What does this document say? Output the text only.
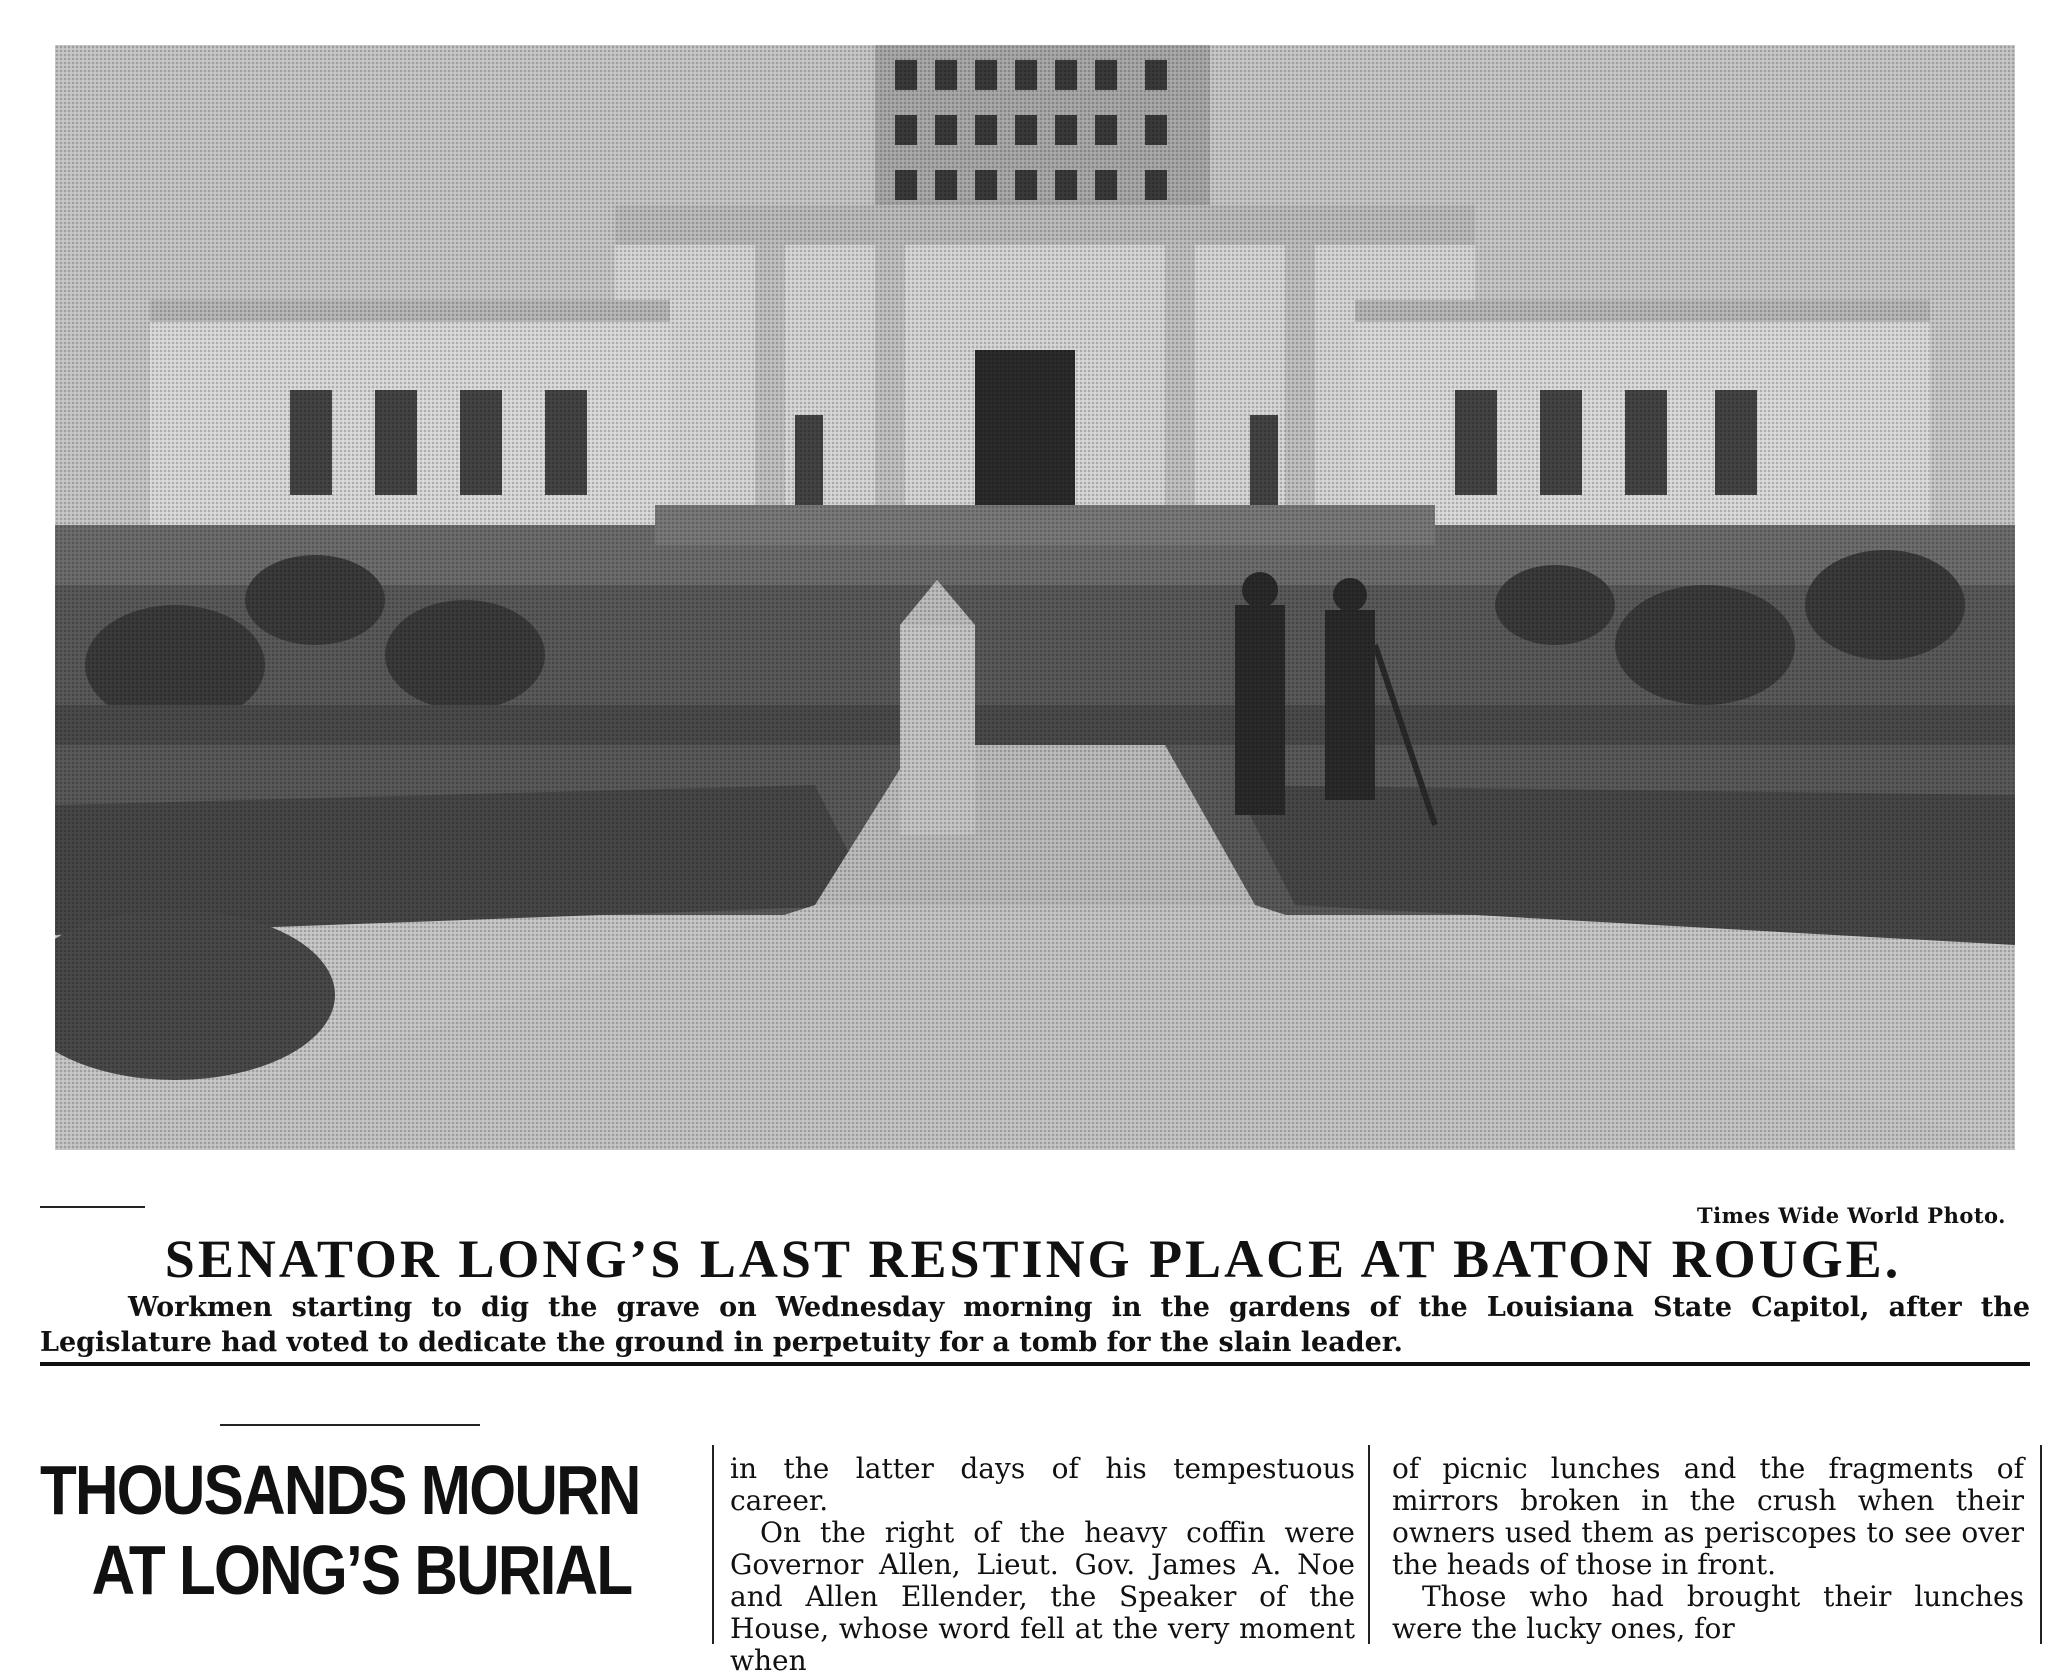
Times Wide World Photo.
SENATOR LONG’S LAST RESTING PLACE AT BATON ROUGE.
Workmen starting to dig the grave on Wednesday morning in the gardens of the Louisiana State Capitol, after the Legislature had voted to dedicate the ground in perpetuity for a tomb for the slain leader.
THOUSANDS MOURN
AT LONG’S BURIAL

in the latter days of his tempestuous career.

On the right of the heavy coffin were Governor Allen, Lieut. Gov. James A. Noe and Allen Ellender, the Speaker of the House, whose word fell at the very moment when

of picnic lunches and the fragments of mirrors broken in the crush when their owners used them as periscopes to see over the heads of those in front.

Those who had brought their lunches were the lucky ones, for
